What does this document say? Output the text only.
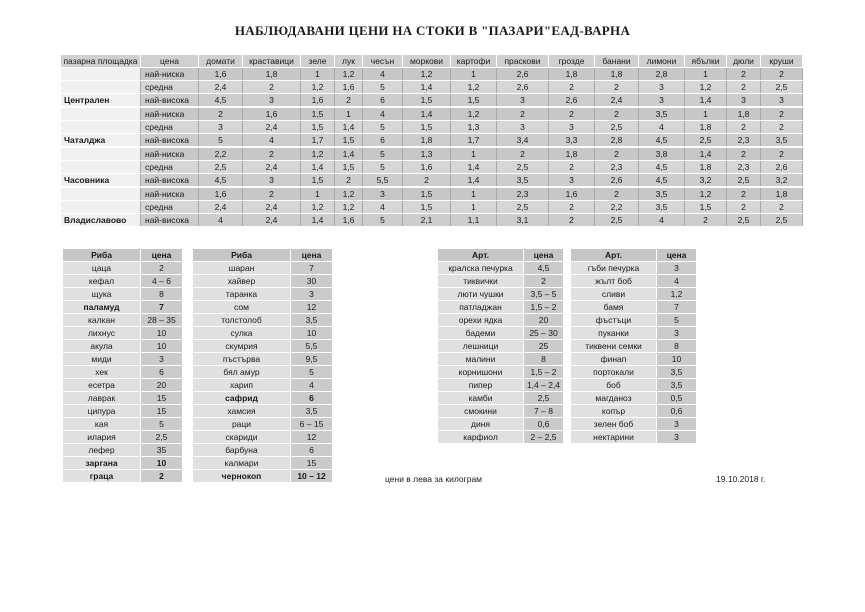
НАБЛЮДАВАНИ ЦЕНИ НА СТОКИ В "ПАЗАРИ"ЕАД-ВАРНА
пазарна площадка	цена	домати	краставици	зеле	лук	чесън	моркови	картофи	праскови	грозде	банани	лимони	ябълки	дюли	круши
	най-ниска	1,6	1,8	1	1,2	4	1,2	1	2,6	1,8	1,8	2,8	1	2	2
	средна	2,4	2	1,2	1,6	5	1,4	1,2	2,6	2	2	3	1,2	2	2,5
Централен	най-висока	4,5	3	1,6	2	6	1,5	1,5	3	2,6	2,4	3	1,4	3	3
	най-ниска	2	1,6	1,5	1	4	1,4	1,2	2	2	2	3,5	1	1,8	2
	средна	3	2,4	1,5	1,4	5	1,5	1,3	3	3	2,5	4	1,8	2	2
Чаталджа	най-висока	5	4	1,7	1,5	6	1,8	1,7	3,4	3,3	2,8	4,5	2,5	2,3	3,5
	най-ниска	2,2	2	1,2	1,4	5	1,3	1	2	1,8	2	3,8	1,4	2	2
	средна	2,5	2,4	1,4	1,5	5	1,6	1,4	2,5	2	2,3	4,5	1,8	2,3	2,6
Часовника	най-висока	4,5	3	1,5	2	5,5	2	1,4	3,5	3	2,6	4,5	3,2	2,5	3,2
	най-ниска	1,6	2	1	1,2	3	1,5	1	2,3	1,6	2	3,5	1,2	2	1,8
	средна	2,4	2,4	1,2	1,2	4	1,5	1	2,5	2	2,2	3,5	1,5	2	2
Владиславово	най-висока	4	2,4	1,4	1,6	5	2,1	1,1	3,1	2	2,5	4	2	2,5	2,5
Риба	цена
цаца	2
кефал	4 – 6
щука	8
паламуд	7
калкан	28 – 35
лихнус	10
акула	10
миди	3
хек	6
есетра	20
лаврак	15
ципура	15
кая	5
илария	2,5
лефер	35
заргана	10
граца	2
Риба	цена
шаран	7
хайвер	30
таранка	3
сом	12
толстолоб	3,5
сулка	10
скумрия	5,5
пъстърва	9,5
бял амур	5
харип	4
сафрид	6
хамсия	3,5
раци	6 – 15
скариди	12
барбуна	6
калмари	15
чернокоп	10 – 12
Арт.	цена
кралска печурка	4,5
тиквички	2
люти чушки	3,5 – 5
патладжан	1,5 – 2
орехи ядка	20
бадеми	25 – 30
лешници	25
малини	8
корнишони	1,5 – 2
пипер	1,4 – 2,4
камби	2,5
смокини	7 – 8
диня	0,6
карфиол	2 – 2,5
Арт.	цена
гъби печурка	3
жълт боб	4
сливи	1,2
бамя	7
фъстъци	5
пуканки	3
тиквени семки	8
финап	10
портокали	3,5
боб	3,5
магданоз	0,5
копър	0,6
зелен боб	3
нектарини	3
цени в лева за килограм	19.10.2018 г.
